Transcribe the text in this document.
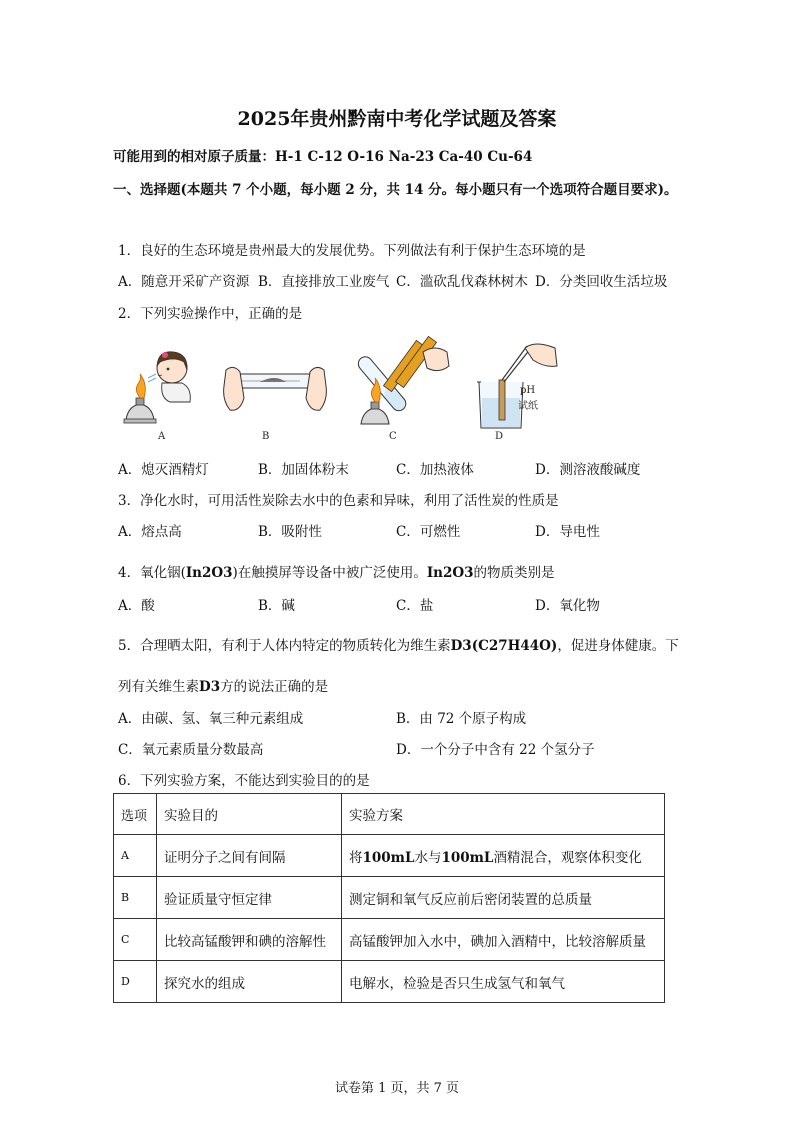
2025年贵州黔南中考化学试题及答案
可能用到的相对原子质量：H-1 C-12 O-16 Na-23 Ca-40 Cu-64
一、选择题(本题共 7 个小题，每小题 2 分，共 14 分。每小题只有一个选项符合题目要求)。
1．良好的生态环境是贵州最大的发展优势。下列做法有利于保护生态环境的是
A．随意开采矿产资源 B．直接排放工业废气 C．滥砍乱伐森林树木 D．分类回收生活垃圾
2．下列实验操作中，正确的是
A	B	C
pH
试纸
D
A．熄灭酒精灯	B．加固体粉末	C．加热液体	D．测溶液酸碱度
3．净化水时，可用活性炭除去水中的色素和异味，利用了活性炭的性质是
A．熔点高	B．吸附性	C．可燃性	D．导电性
4．氧化铟(In2O3)在触摸屏等设备中被广泛使用。In2O3的物质类别是
A．酸	B．碱	C．盐	D．氧化物
5．合理晒太阳，有利于人体内特定的物质转化为维生素D3(C27H44O)，促进身体健康。下
列有关维生素D3方的说法正确的是
A．由碳、氢、氧三种元素组成	B．由 72 个原子构成
C．氧元素质量分数最高	D．一个分子中含有 22 个氢分子
6．下列实验方案，不能达到实验目的的是
选项	实验目的	实验方案
A	证明分子之间有间隔	将100mL水与100mL酒精混合，观察体积变化
B	验证质量守恒定律	测定铜和氧气反应前后密闭装置的总质量
C	比较高锰酸钾和碘的溶解性	高锰酸钾加入水中，碘加入酒精中，比较溶解质量
D	探究水的组成	电解水，检验是否只生成氢气和氧气
试卷第 1 页，共 7 页
